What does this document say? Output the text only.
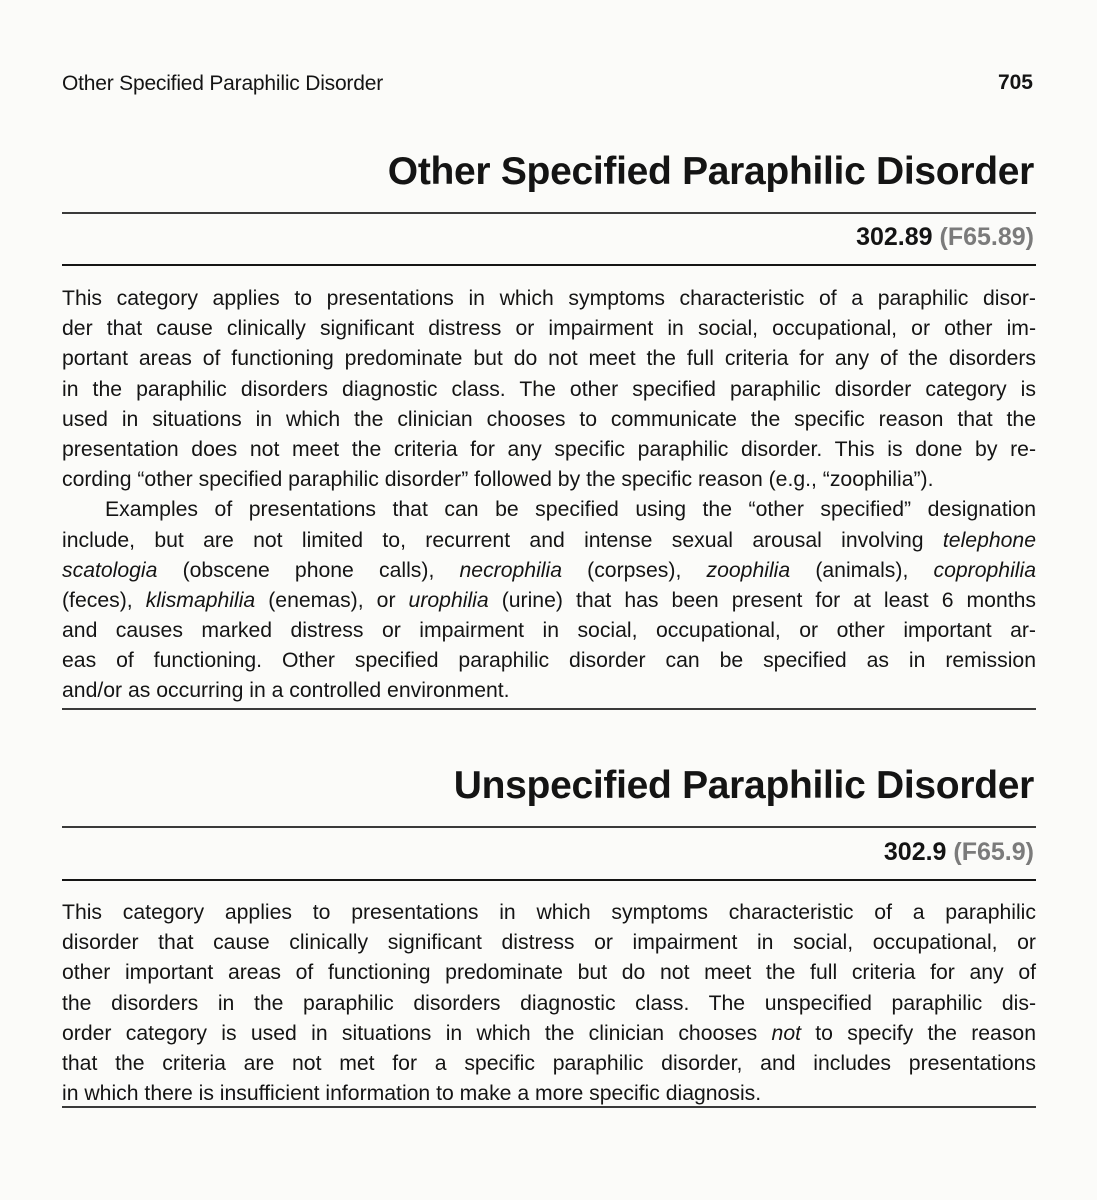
Other Specified Paraphilic Disorder	705
Other Specified Paraphilic Disorder
302.89 (F65.89)

This category applies to presentations in which symptoms characteristic of a paraphilic disor-
der that cause clinically significant distress or impairment in social, occupational, or other im-
portant areas of functioning predominate but do not meet the full criteria for any of the disorders
in the paraphilic disorders diagnostic class. The other specified paraphilic disorder category is
used in situations in which the clinician chooses to communicate the specific reason that the
presentation does not meet the criteria for any specific paraphilic disorder. This is done by re-
cording “other specified paraphilic disorder” followed by the specific reason (e.g., “zoophilia”).

Examples of presentations that can be specified using the “other specified” designation
include, but are not limited to, recurrent and intense sexual arousal involving telephone
scatologia (obscene phone calls), necrophilia (corpses), zoophilia (animals), coprophilia
(feces), klismaphilia (enemas), or urophilia (urine) that has been present for at least 6 months
and causes marked distress or impairment in social, occupational, or other important ar-
eas of functioning. Other specified paraphilic disorder can be specified as in remission
and/or as occurring in a controlled environment.

Unspecified Paraphilic Disorder
302.9 (F65.9)

This category applies to presentations in which symptoms characteristic of a paraphilic
disorder that cause clinically significant distress or impairment in social, occupational, or
other important areas of functioning predominate but do not meet the full criteria for any of
the disorders in the paraphilic disorders diagnostic class. The unspecified paraphilic dis-
order category is used in situations in which the clinician chooses not to specify the reason
that the criteria are not met for a specific paraphilic disorder, and includes presentations
in which there is insufficient information to make a more specific diagnosis.
